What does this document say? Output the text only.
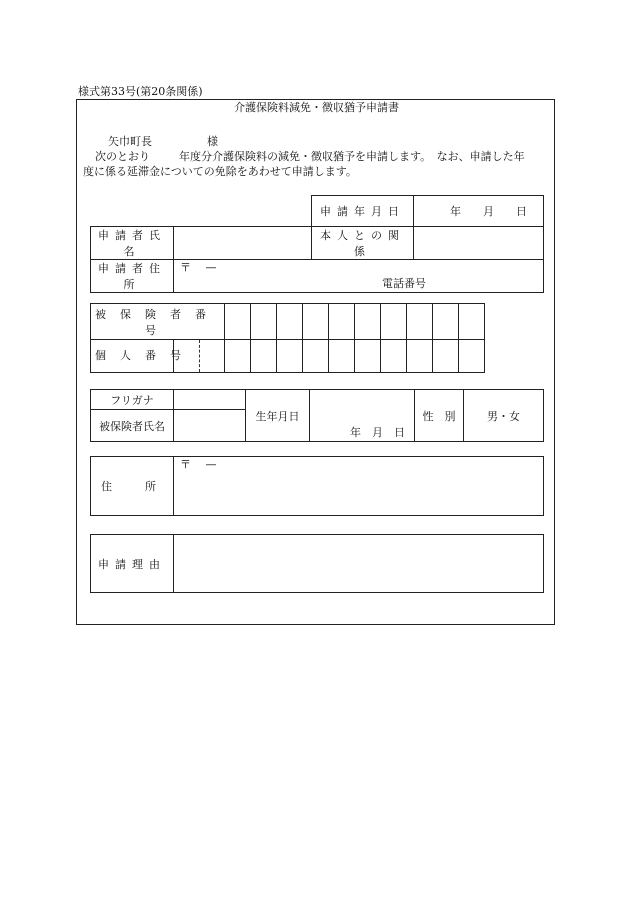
様式第33号(第20条関係)
介護保険料減免・徴収猶予申請書
矢巾町長	様
次のとおり	年度分介護保険料の減免・徴収猶予を申請します。　なお、申請した年
度に係る延滞金についての免除をあわせて申請します。
		申請年月日	年　　月　　日
申請者氏名		本人との関係	
申請者住所	〒　 —
電話番号		
被保険者番号										

個人番号										

フリガナ		生年月日	年　月　日	性　別	男・女
被保険者氏名					
住　　　所	
〒　 —
申請理由	
